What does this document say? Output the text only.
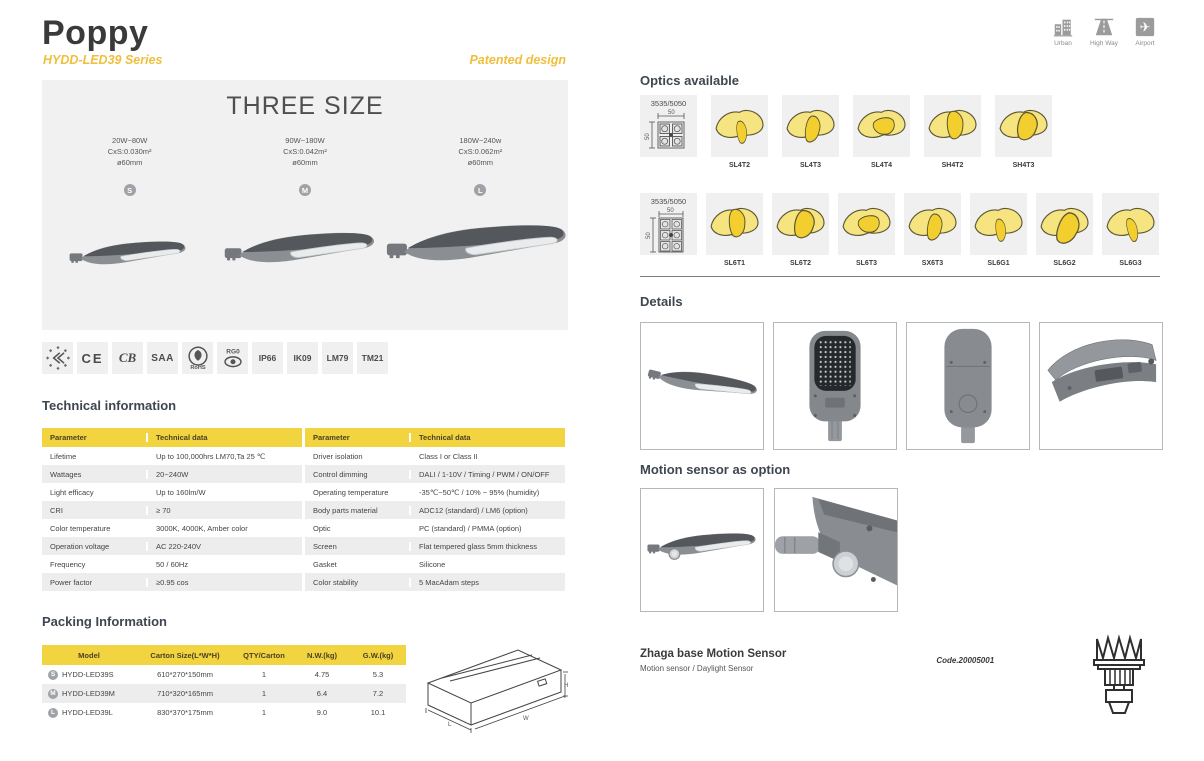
Poppy
HYDD-LED39 Series	Patented design
Urban	High Way
✈
Airport
THREE SIZE
20W~80W
CxS:0.030m²
ø60mm
90W~180W
CxS:0.042m²
ø60mm
180W~240w
CxS:0.062m²
ø60mm
S	M	L
CE	CB	SAA
RoHS
RG0
IP66	IK09	LM79	TM21
Technical information
Parameter	Technical data
Lifetime	Up to 100,000hrs LM70,Ta 25 ℃
Wattages	20~240W
Light efficacy	Up to 160lm/W
CRI	≥ 70
Color temperature	3000K, 4000K, Amber color
Operation voltage	AC 220-240V
Frequency	50 / 60Hz
Power factor	≥0.95 cos
Parameter	Technical data
Driver isolation	Class I or Class II
Control dimming	DALI / 1-10V / Timing / PWM / ON/OFF
Operating temperature	-35℃~50℃ / 10% ~ 95% (humidity)
Body parts material	ADC12 (standard) / LM6 (option)
Optic	PC (standard) / PMMA (option)
Screen	Flat tempered glass 5mm thickness
Gasket	Silicone
Color stability	5 MacAdam steps
Packing Information
Model	Carton Size(L*W*H)	QTY/Carton	N.W.(kg)	G.W.(kg)
S HYDD-LED39S	610*270*150mm	1	4.75	5.3
M HYDD-LED39M	710*320*165mm	1	6.4	7.2
L HYDD-LED39L	830*370*175mm	1	9.0	10.1
L
W
H
Optics available
3535/5050
50
50
SL4T2	SL4T3	SL4T4	SH4T2	SH4T3
3535/5050
50
50
SL6T1	SL6T2	SL6T3	SX6T3	SL6G1	SL6G2	SL6G3
Details
Motion sensor as option
Zhaga base Motion Sensor
Motion sensor / Daylight Sensor
Code.20005001
